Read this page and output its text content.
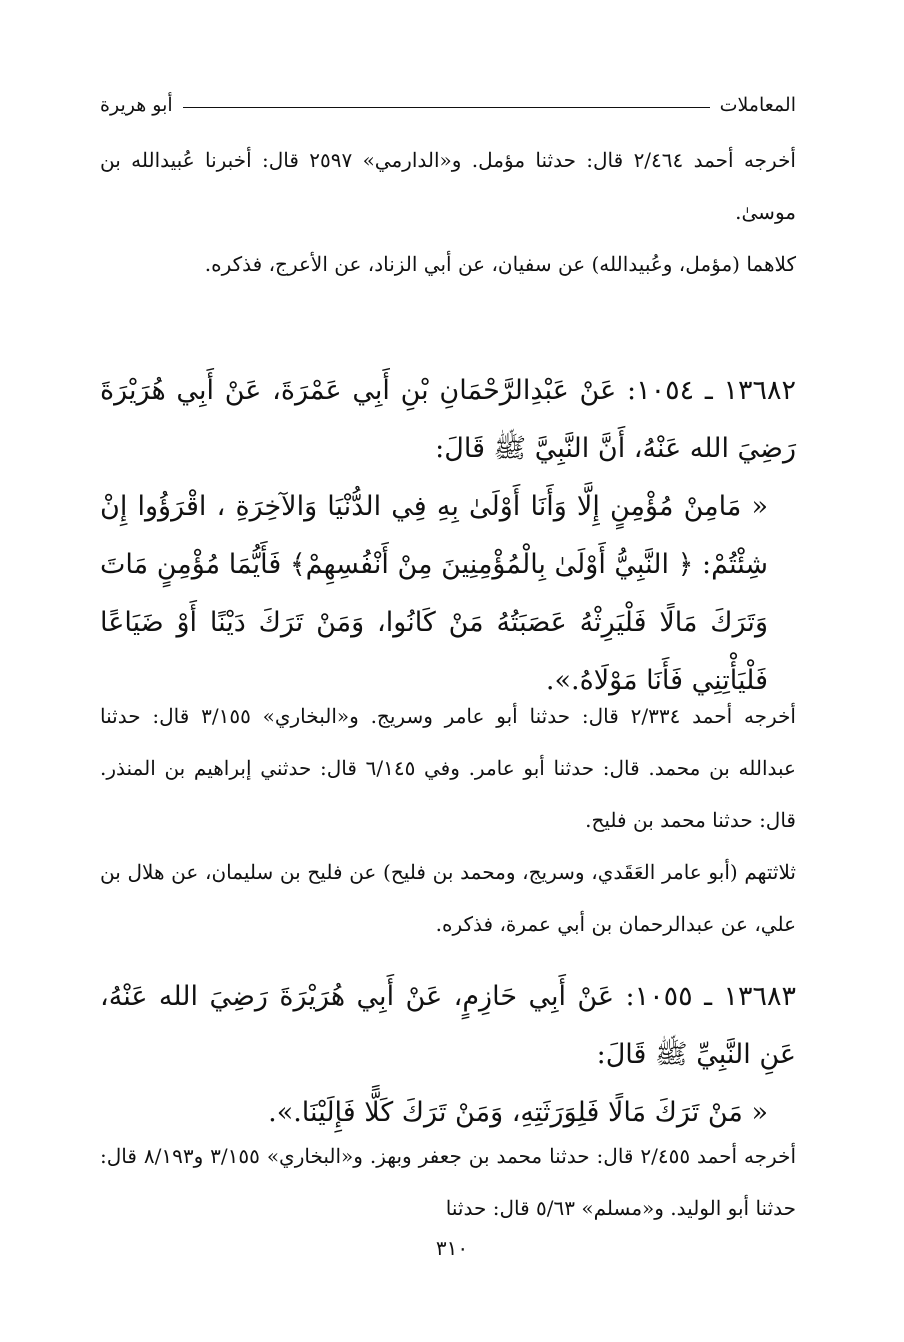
المعاملات
أبو هريرة

أخرجه أحمد ٢/٤٦٤ قال: حدثنا مؤمل. و«الدارمي» ٢٥٩٧ قال: أخبرنا عُبيدالله بن موسىٰ.

كلاهما (مؤمل، وعُبيدالله) عن سفيان، عن أبي الزناد، عن الأعرج، فذكره.

١٣٦٨٢ ـ ١٠٥٤: عَنْ عَبْدِالرَّحْمَانِ بْنِ أَبِي عَمْرَةَ، عَنْ أَبِي هُرَيْرَةَ رَضِيَ الله عَنْهُ، أَنَّ النَّبِيَّ ﷺ قَالَ:

« مَامِنْ مُؤْمِنٍ إِلَّا وَأَنَا أَوْلَىٰ بِهِ فِي الدُّنْيَا وَالآخِرَةِ ، اقْرَؤُوا إِنْ شِئْتُمْ: ﴿ النَّبِيُّ أَوْلَىٰ بِالْمُؤْمِنِينَ مِنْ أَنْفُسِهِمْ﴾ فَأَيُّمَا مُؤْمِنٍ مَاتَ وَتَرَكَ مَالًا فَلْيَرِثْهُ عَصَبَتُهُ مَنْ كَانُوا، وَمَنْ تَرَكَ دَيْنًا أَوْ ضَيَاعًا فَلْيَأْتِنِي فَأَنَا مَوْلَاهُ.».

أخرجه أحمد ٢/٣٣٤ قال: حدثنا أبو عامر وسريج. و«البخاري» ٣/١٥٥ قال: حدثنا عبدالله بن محمد. قال: حدثنا أبو عامر. وفي ٦/١٤٥ قال: حدثني إبراهيم بن المنذر. قال: حدثنا محمد بن فليح.

ثلاثتهم (أبو عامر العَقَدي، وسريج، ومحمد بن فليح) عن فليح بن سليمان، عن هلال بن علي، عن عبدالرحمان بن أبي عمرة، فذكره.

١٣٦٨٣ ـ ١٠٥٥: عَنْ أَبِي حَازِمٍ، عَنْ أَبِي هُرَيْرَةَ رَضِيَ الله عَنْهُ، عَنِ النَّبِيِّ ﷺ قَالَ:

« مَنْ تَرَكَ مَالًا فَلِوَرَثَتِهِ، وَمَنْ تَرَكَ كَلًّا فَإِلَيْنَا.».

أخرجه أحمد ٢/٤٥٥ قال: حدثنا محمد بن جعفر وبهز. و«البخاري» ٣/١٥٥ و٨/١٩٣ قال: حدثنا أبو الوليد. و«مسلم» ٥/٦٣ قال: حدثنا

٣١٠
